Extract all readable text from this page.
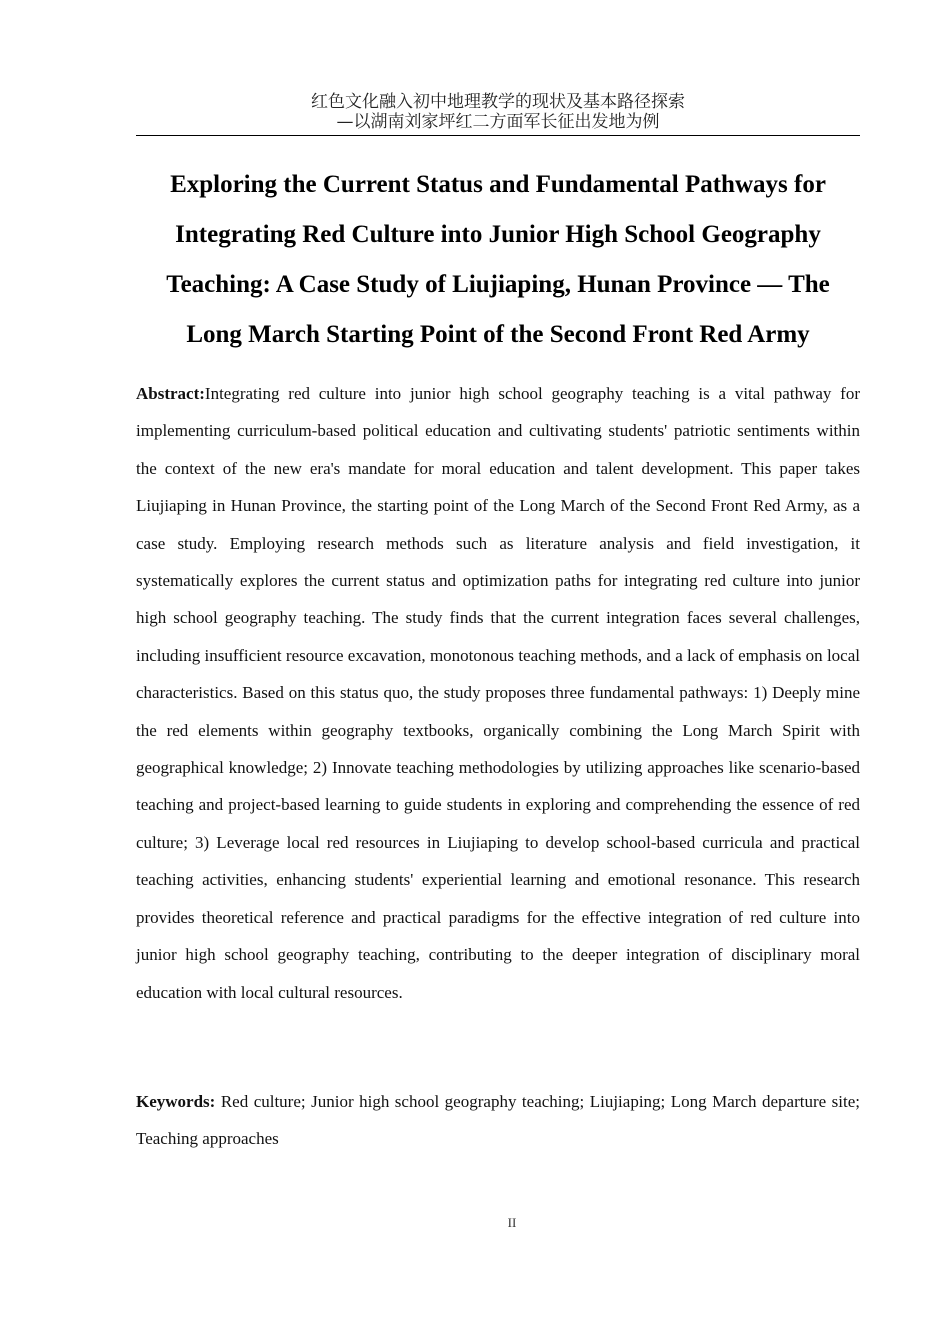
红色文化融入初中地理教学的现状及基本路径探索
—以湖南刘家坪红二方面军长征出发地为例
Exploring the Current Status and Fundamental Pathways for Integrating Red Culture into Junior High School Geography Teaching: A Case Study of Liujiaping, Hunan Province — The Long March Starting Point of the Second Front Red Army

Abstract:Integrating red culture into junior high school geography teaching is a vital pathway for implementing curriculum-based political education and cultivating students' patriotic sentiments within the context of the new era's mandate for moral education and talent development. This paper takes Liujiaping in Hunan Province, the starting point of the Long March of the Second Front Red Army, as a case study. Employing research methods such as literature analysis and field investigation, it systematically explores the current status and optimization paths for integrating red culture into junior high school geography teaching. The study finds that the current integration faces several challenges, including insufficient resource excavation, monotonous teaching methods, and a lack of emphasis on local characteristics. Based on this status quo, the study proposes three fundamental pathways: 1) Deeply mine the red elements within geography textbooks, organically combining the Long March Spirit with geographical knowledge; 2) Innovate teaching methodologies by utilizing approaches like scenario-based teaching and project-based learning to guide students in exploring and comprehending the essence of red culture; 3) Leverage local red resources in Liujiaping to develop school-based curricula and practical teaching activities, enhancing students' experiential learning and emotional resonance. This research provides theoretical reference and practical paradigms for the effective integration of red culture into junior high school geography teaching, contributing to the deeper integration of disciplinary moral education with local cultural resources.

Keywords: Red culture; Junior high school geography teaching; Liujiaping; Long March departure site; Teaching approaches

II
